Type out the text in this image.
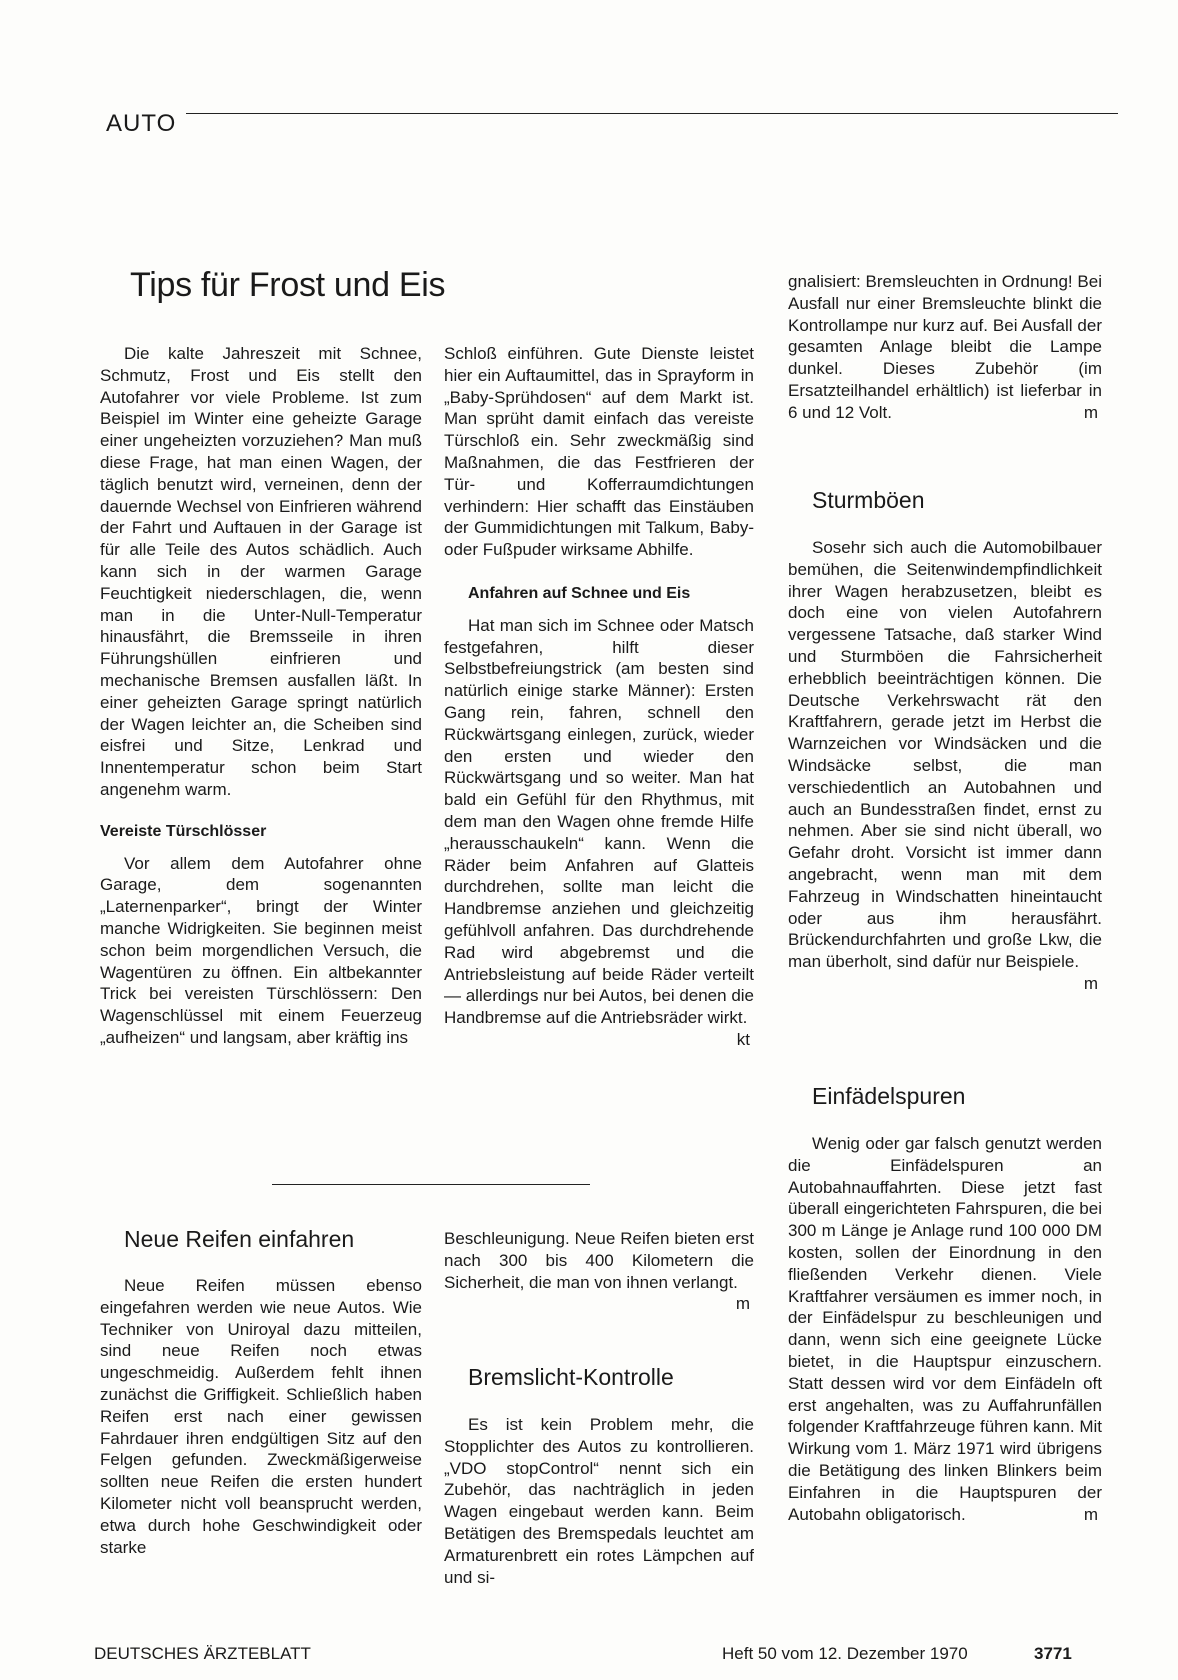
AUTO
Tips für Frost und Eis

Die kalte Jahreszeit mit Schnee, Schmutz, Frost und Eis stellt den Autofahrer vor viele Probleme. Ist zum Beispiel im Winter eine geheizte Garage einer ungeheizten vorzuziehen? Man muß diese Frage, hat man einen Wagen, der täglich benutzt wird, verneinen, denn der dauernde Wechsel von Einfrieren während der Fahrt und Auftauen in der Garage ist für alle Teile des Autos schädlich. Auch kann sich in der warmen Garage Feuchtigkeit niederschlagen, die, wenn man in die Unter-Null-Temperatur hinausfährt, die Bremsseile in ihren Führungshüllen einfrieren und mechanische Bremsen ausfallen läßt. In einer geheizten Garage springt natürlich der Wagen leichter an, die Scheiben sind eisfrei und Sitze, Lenkrad und Innentemperatur schon beim Start angenehm warm.

Vereiste Türschlösser

Vor allem dem Autofahrer ohne Garage, dem sogenannten „Laternenparker“, bringt der Winter manche Widrigkeiten. Sie beginnen meist schon beim morgendlichen Versuch, die Wagentüren zu öffnen. Ein altbekannter Trick bei vereisten Türschlössern: Den Wagenschlüssel mit einem Feuerzeug „aufheizen“ und langsam, aber kräftig ins

Schloß einführen. Gute Dienste leistet hier ein Auftaumittel, das in Sprayform in „Baby-Sprühdosen“ auf dem Markt ist. Man sprüht damit einfach das vereiste Türschloß ein. Sehr zweckmäßig sind Maßnahmen, die das Festfrieren der Tür- und Kofferraumdichtungen verhindern: Hier schafft das Einstäuben der Gummidichtungen mit Talkum, Baby- oder Fußpuder wirksame Abhilfe.

Anfahren auf Schnee und Eis

Hat man sich im Schnee oder Matsch festgefahren, hilft dieser Selbstbefreiungstrick (am besten sind natürlich einige starke Männer): Ersten Gang rein, fahren, schnell den Rückwärtsgang einlegen, zurück, wieder den ersten und wieder den Rückwärtsgang und so weiter. Man hat bald ein Gefühl für den Rhythmus, mit dem man den Wagen ohne fremde Hilfe „herausschaukeln“ kann. Wenn die Räder beim Anfahren auf Glatteis durchdrehen, sollte man leicht die Handbremse anziehen und gleichzeitig gefühlvoll anfahren. Das durchdrehende Rad wird abgebremst und die Antriebsleistung auf beide Räder verteilt — allerdings nur bei Autos, bei denen die Handbremse auf die Antriebsräder wirkt.
kt

gnalisiert: Bremsleuchten in Ordnung! Bei Ausfall nur einer Bremsleuchte blinkt die Kontrollampe nur kurz auf. Bei Ausfall der gesamten Anlage bleibt die Lampe dunkel. Dieses Zubehör (im Ersatzteilhandel erhältlich) ist lieferbar in 6 und 12 Volt.	m

Sturmböen

Sosehr sich auch die Automobilbauer bemühen, die Seitenwindempfindlichkeit ihrer Wagen herabzusetzen, bleibt es doch eine von vielen Autofahrern vergessene Tatsache, daß starker Wind und Sturmböen die Fahrsicherheit erhebblich beeinträchtigen können. Die Deutsche Verkehrswacht rät den Kraftfahrern, gerade jetzt im Herbst die Warnzeichen vor Windsäcken und die Windsäcke selbst, die man verschiedentlich an Autobahnen und auch an Bundesstraßen findet, ernst zu nehmen. Aber sie sind nicht überall, wo Gefahr droht. Vorsicht ist immer dann angebracht, wenn man mit dem Fahrzeug in Windschatten hineintaucht oder aus ihm herausfährt. Brückendurchfahrten und große Lkw, die man überholt, sind dafür nur Beispiele.
m

Einfädelspuren

Wenig oder gar falsch genutzt werden die Einfädelspuren an Autobahnauffahrten. Diese jetzt fast überall eingerichteten Fahrspuren, die bei 300 m Länge je Anlage rund 100 000 DM kosten, sollen der Einordnung in den fließenden Verkehr dienen. Viele Kraftfahrer versäumen es immer noch, in der Einfädelspur zu beschleunigen und dann, wenn sich eine geeignete Lücke bietet, in die Hauptspur einzuschern. Statt dessen wird vor dem Einfädeln oft erst angehalten, was zu Auffahrunfällen folgender Kraftfahrzeuge führen kann. Mit Wirkung vom 1. März 1971 wird übrigens die Betätigung des linken Blinkers beim Einfahren in die Hauptspuren der Autobahn obligatorisch.	m

Neue Reifen einfahren

Neue Reifen müssen ebenso eingefahren werden wie neue Autos. Wie Techniker von Uniroyal dazu mitteilen, sind neue Reifen noch etwas ungeschmeidig. Außerdem fehlt ihnen zunächst die Griffigkeit. Schließlich haben Reifen erst nach einer gewissen Fahrdauer ihren endgültigen Sitz auf den Felgen gefunden. Zweckmäßigerweise sollten neue Reifen die ersten hundert Kilometer nicht voll beansprucht werden, etwa durch hohe Geschwindigkeit oder starke

Beschleunigung. Neue Reifen bieten erst nach 300 bis 400 Kilometern die Sicherheit, die man von ihnen verlangt.
m

Bremslicht-Kontrolle

Es ist kein Problem mehr, die Stopplichter des Autos zu kontrollieren. „VDO stopControl“ nennt sich ein Zubehör, das nachträglich in jeden Wagen eingebaut werden kann. Beim Betätigen des Bremspedals leuchtet am Armaturenbrett ein rotes Lämpchen auf und si-

DEUTSCHES ÄRZTEBLATT	Heft 50 vom 12. Dezember 1970	3771
